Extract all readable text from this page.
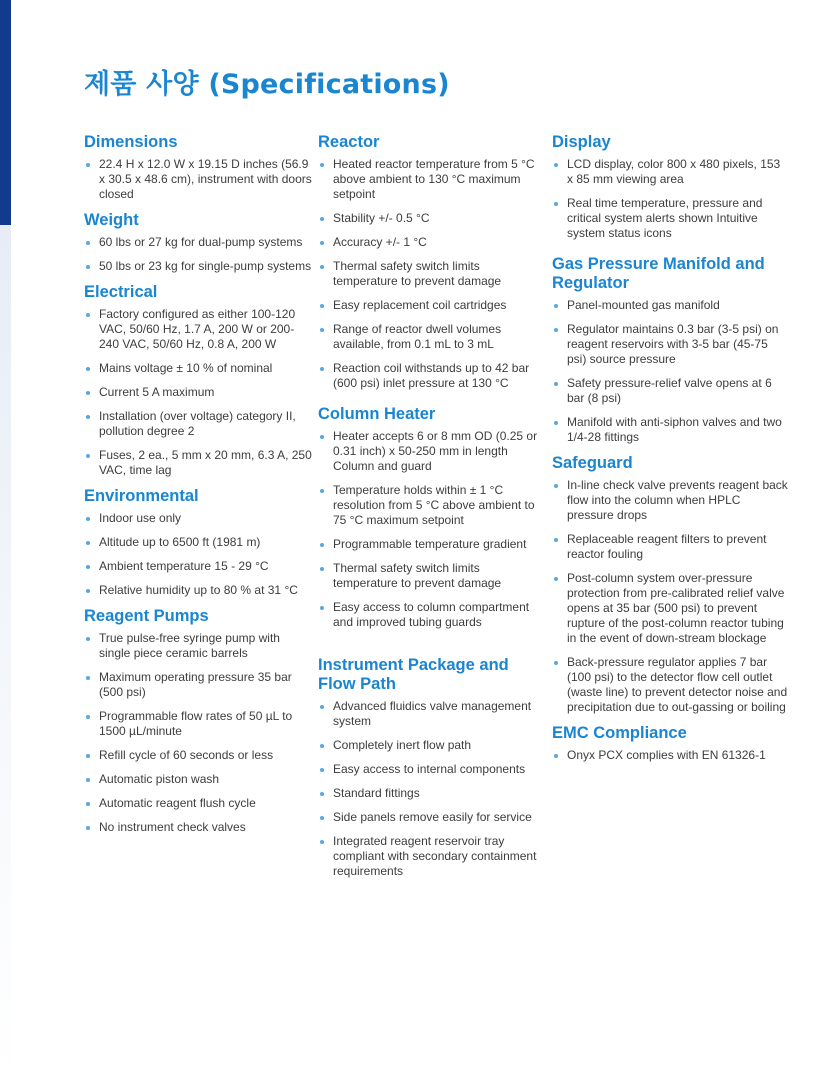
제품 사양 (Specifications)
Dimensions
22.4 H x 12.0 W x 19.15 D inches (56.9 x 30.5 x 48.6 cm), instrument with doors closed
Weight
60 lbs or 27 kg for dual-pump systems
50 lbs or 23 kg for single-pump systems
Electrical
Factory configured as either 100-120 VAC, 50/60 Hz, 1.7 A, 200 W or 200-240 VAC, 50/60 Hz, 0.8 A, 200 W
Mains voltage ± 10 % of nominal
Current 5 A maximum
Installation (over voltage) category II, pollution degree 2
Fuses, 2 ea., 5 mm x 20 mm, 6.3 A, 250 VAC, time lag
Environmental
Indoor use only
Altitude up to 6500 ft (1981 m)
Ambient temperature 15 - 29 °C
Relative humidity up to 80 % at 31 °C
Reagent Pumps
True pulse-free syringe pump with single piece ceramic barrels
Maximum operating pressure 35 bar (500 psi)
Programmable flow rates of 50 µL to 1500 µL/minute
Refill cycle of 60 seconds or less
Automatic piston wash
Automatic reagent flush cycle
No instrument check valves
Reactor
Heated reactor temperature from 5 °C above ambient to 130 °C maximum setpoint
Stability +/- 0.5 °C
Accuracy +/- 1 °C
Thermal safety switch limits temperature to prevent damage
Easy replacement coil cartridges
Range of reactor dwell volumes available, from 0.1 mL to 3 mL
Reaction coil withstands up to 42 bar (600 psi) inlet pressure at 130 °C
Column Heater
Heater accepts 6 or 8 mm OD (0.25 or 0.31 inch) x 50-250 mm in length Column and guard
Temperature holds within ± 1 °C resolution from 5 °C above ambient to 75 °C maximum setpoint
Programmable temperature gradient
Thermal safety switch limits temperature to prevent damage
Easy access to column compartment and improved tubing guards
Instrument Package and Flow Path
Advanced fluidics valve management system
Completely inert flow path
Easy access to internal components
Standard fittings
Side panels remove easily for service
Integrated reagent reservoir tray compliant with secondary containment requirements
Display
LCD display, color 800 x 480 pixels, 153 x 85 mm viewing area
Real time temperature, pressure and critical system alerts shown Intuitive system status icons
Gas Pressure Manifold and Regulator
Panel-mounted gas manifold
Regulator maintains 0.3 bar (3-5 psi) on reagent reservoirs with 3-5 bar (45-75 psi) source pressure
Safety pressure-relief valve opens at 6 bar (8 psi)
Manifold with anti-siphon valves and two 1/4-28 fittings
Safeguard
In-line check valve prevents reagent back flow into the column when HPLC pressure drops
Replaceable reagent filters to prevent reactor fouling
Post-column system over-pressure protection from pre-calibrated relief valve opens at 35 bar (500 psi) to prevent rupture of the post-column reactor tubing in the event of down-stream blockage
Back-pressure regulator applies 7 bar (100 psi) to the detector flow cell outlet (waste line) to prevent detector noise and precipitation due to out-gassing or boiling
EMC Compliance
Onyx PCX complies with EN 61326-1
